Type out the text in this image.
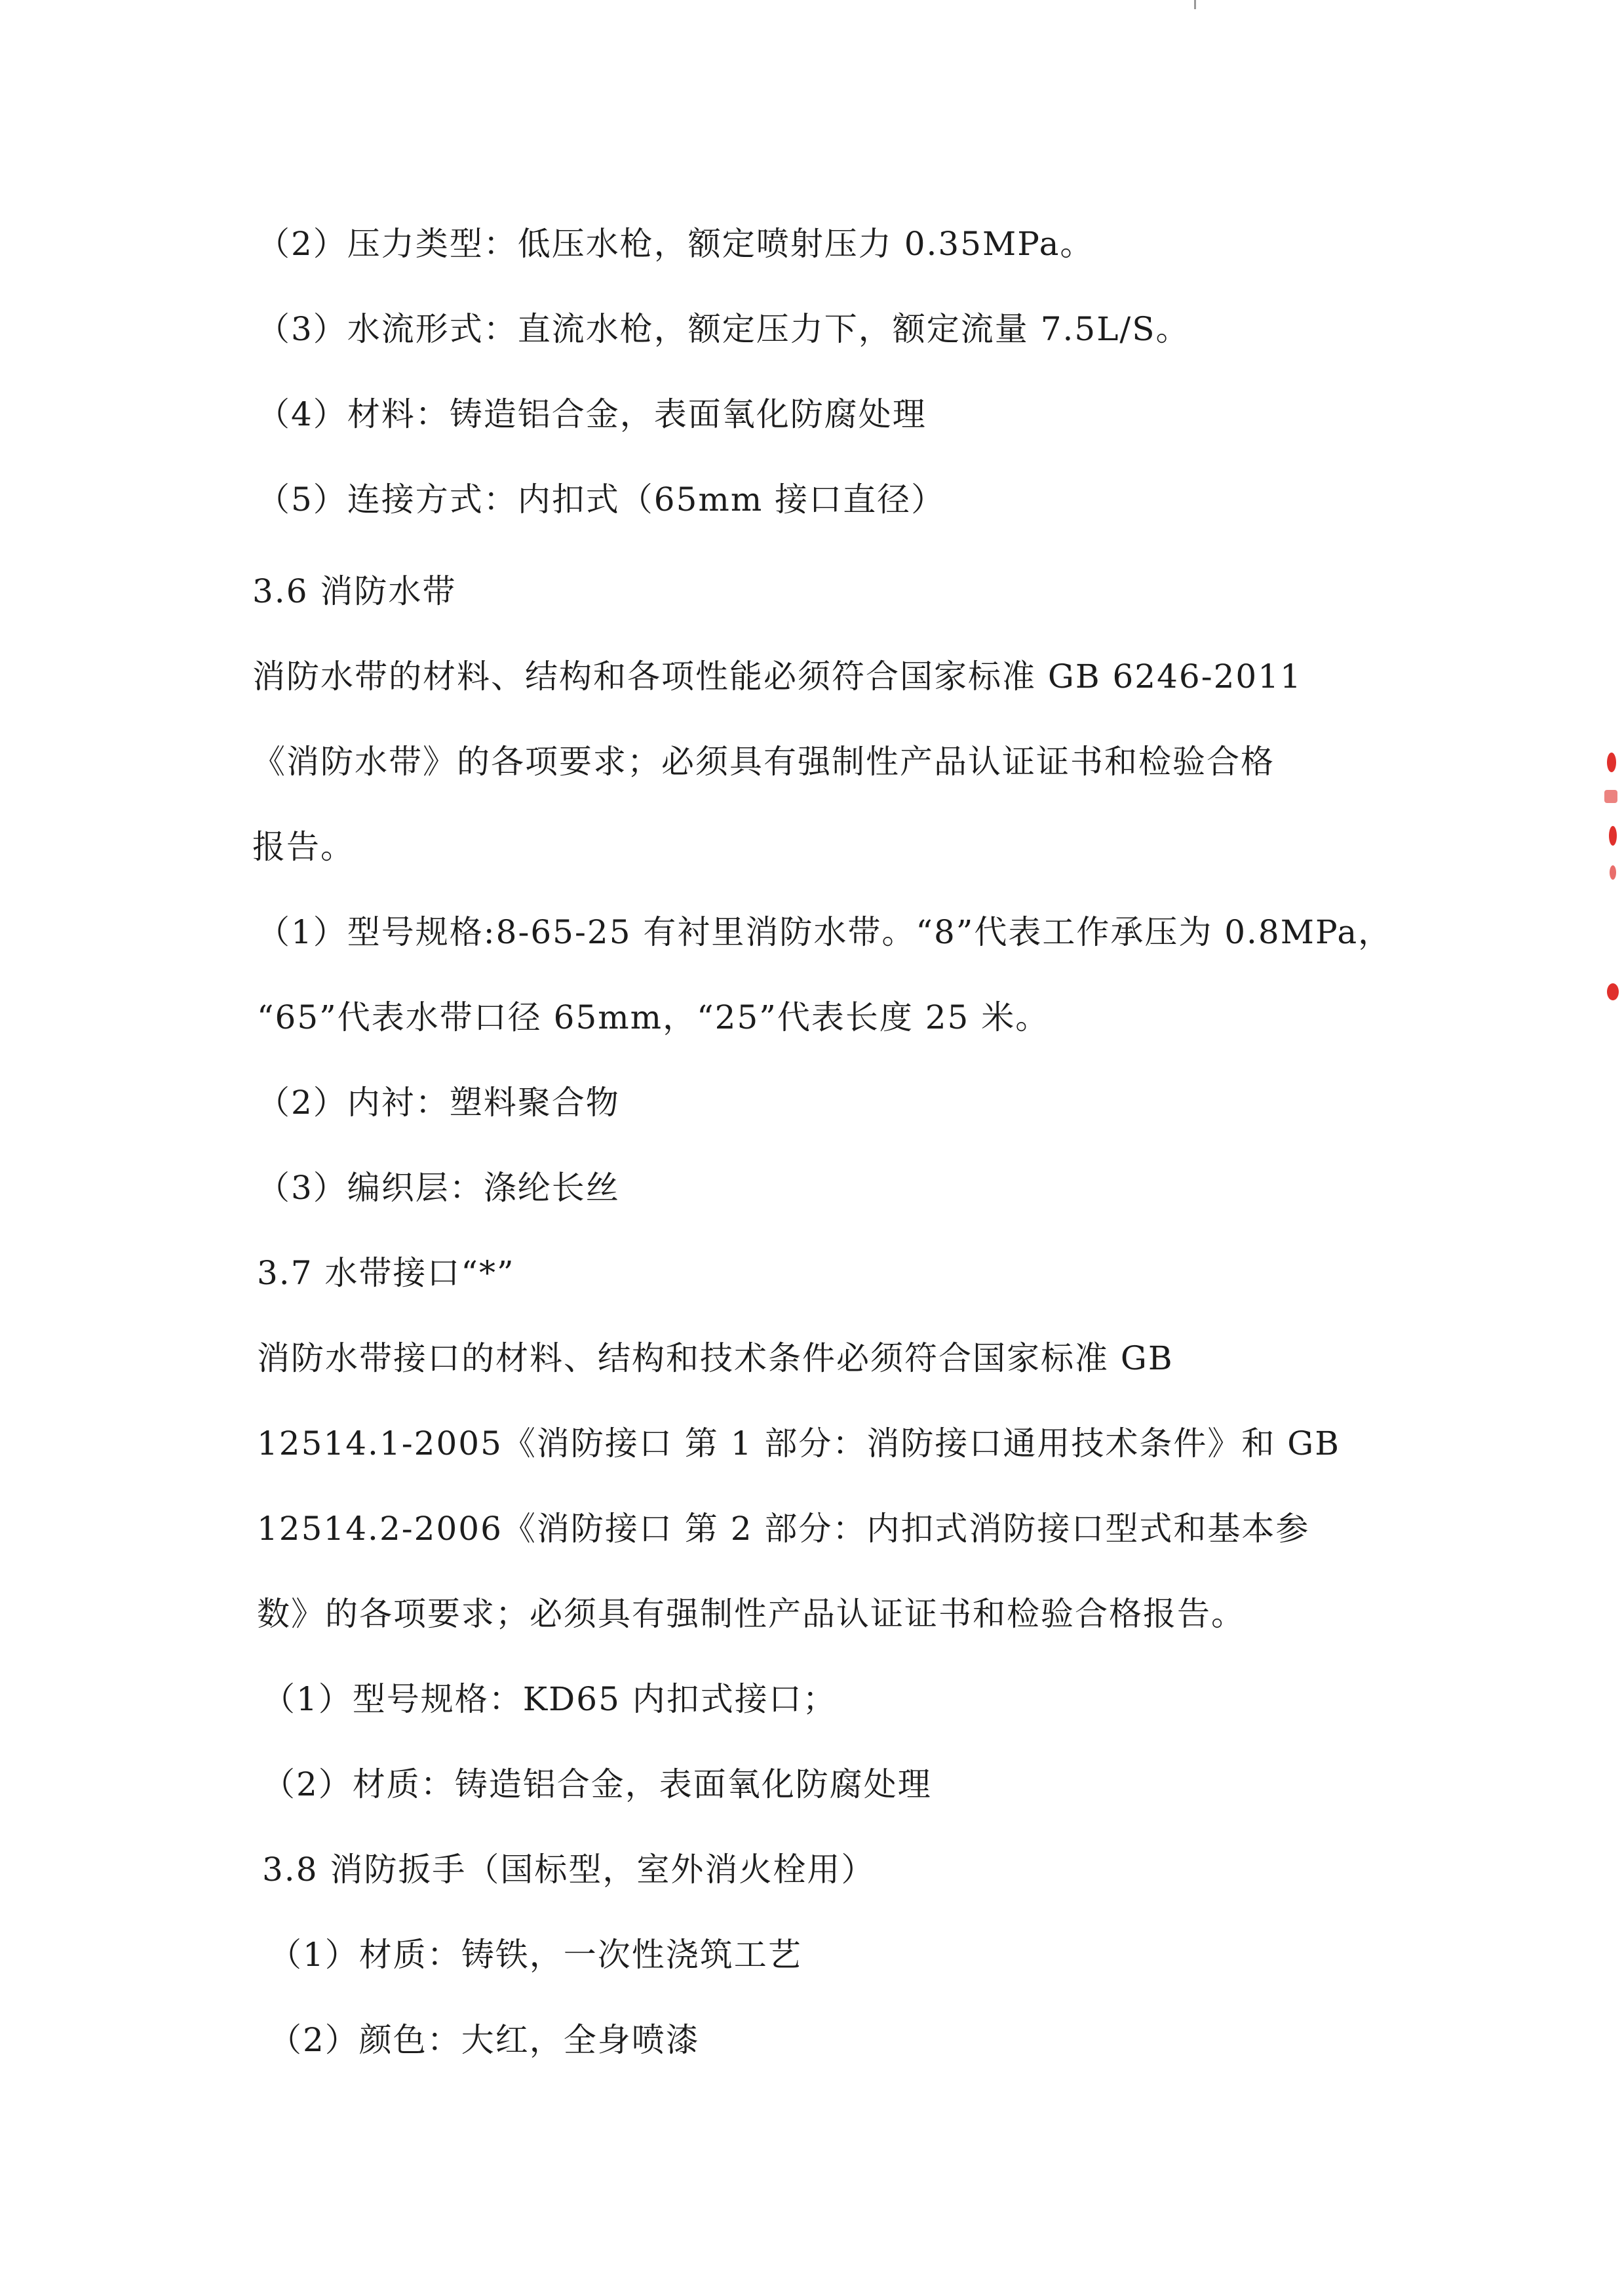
（2）压力类型：低压水枪，额定喷射压力 0.35MPa。
（3）水流形式：直流水枪，额定压力下，额定流量 7.5L/S。
（4）材料：铸造铝合金，表面氧化防腐处理
（5）连接方式：内扣式（65mm 接口直径）
3.6 消防水带
消防水带的材料、结构和各项性能必须符合国家标准 GB 6246-2011
《消防水带》的各项要求；必须具有强制性产品认证证书和检验合格
报告。
（1）型号规格:8-65-25 有衬里消防水带。“8”代表工作承压为 0.8MPa，
“65”代表水带口径 65mm，“25”代表长度 25 米。
（2）内衬：塑料聚合物
（3）编织层：涤纶长丝
3.7 水带接口“*”
消防水带接口的材料、结构和技术条件必须符合国家标准 GB
12514.1-2005《消防接口 第 1 部分：消防接口通用技术条件》和 GB
12514.2-2006《消防接口 第 2 部分：内扣式消防接口型式和基本参
数》的各项要求；必须具有强制性产品认证证书和检验合格报告。
（1）型号规格：KD65 内扣式接口；
（2）材质：铸造铝合金，表面氧化防腐处理
3.8 消防扳手（国标型，室外消火栓用）
（1）材质：铸铁，一次性浇筑工艺
（2）颜色：大红，全身喷漆
